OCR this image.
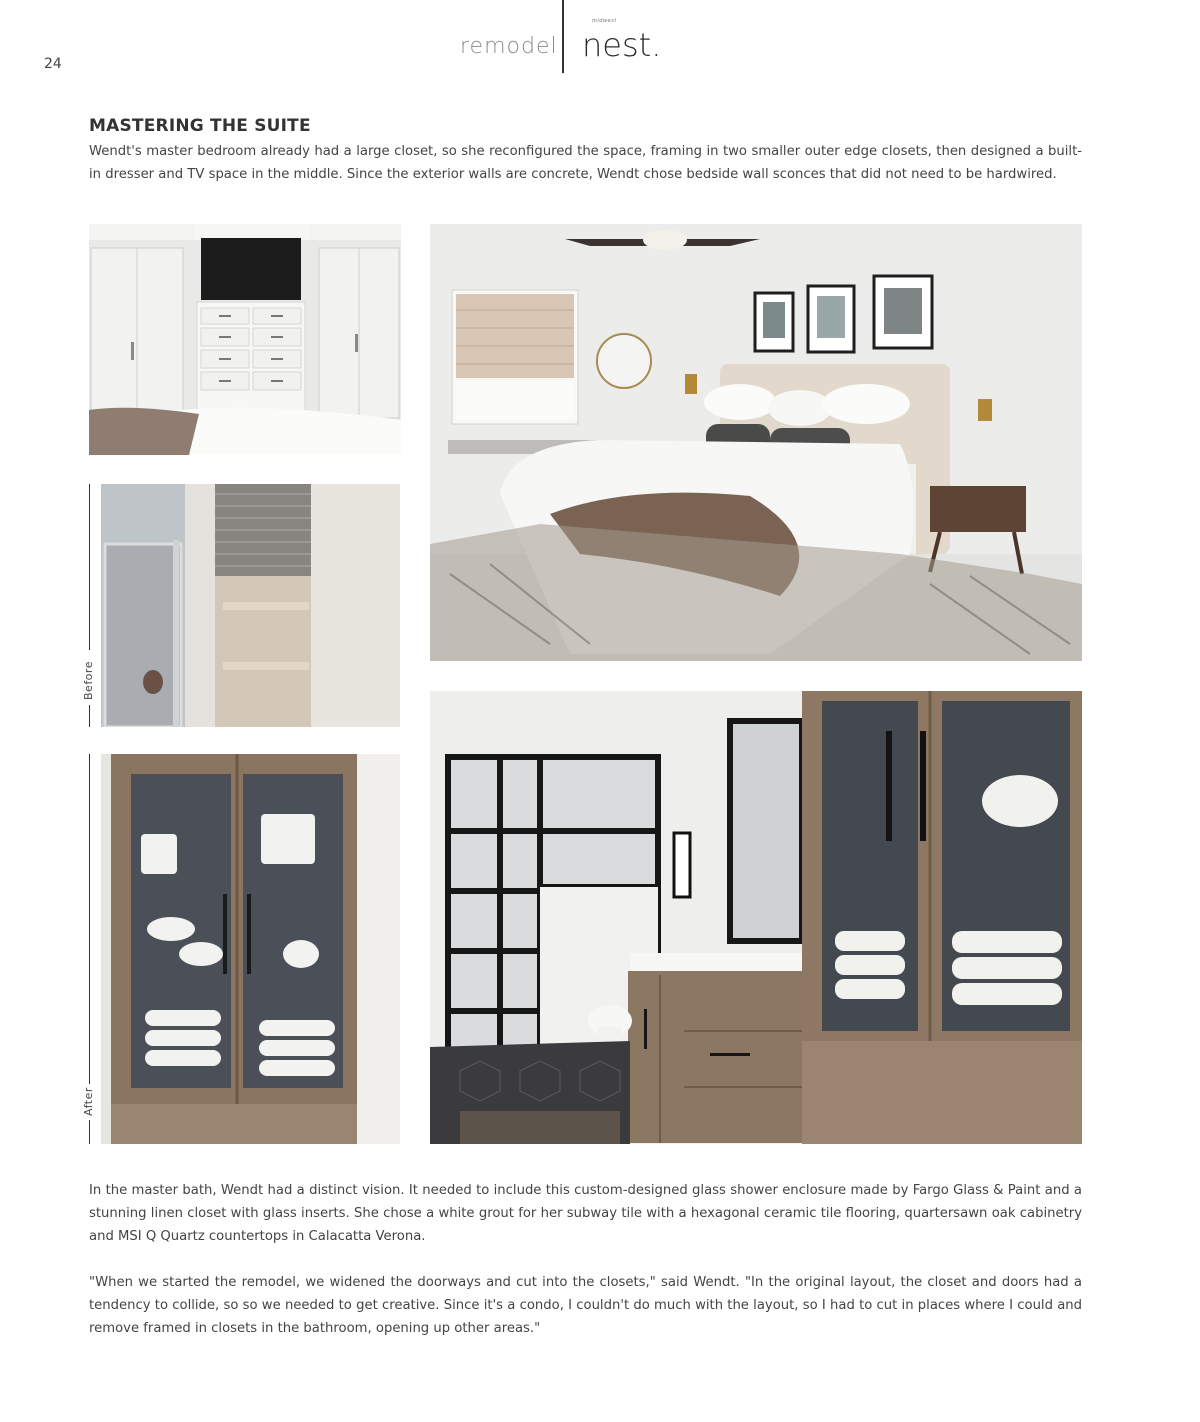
24
remodel
midwest
nest.
MASTERING THE SUITE

Wendt's master bedroom already had a large closet, so she reconfigured the space, framing in two smaller outer edge closets, then designed a built-in dresser and TV space in the middle. Since the exterior walls are concrete, Wendt chose bedside wall sconces that did not need to be hardwired.

Before
After

In the master bath, Wendt had a distinct vision. It needed to include this custom-designed glass shower enclosure made by Fargo Glass & Paint and a stunning linen closet with glass inserts. She chose a white grout for her subway tile with a hexagonal ceramic tile flooring, quartersawn oak cabinetry and MSI Q Quartz countertops in Calacatta Verona.

"When we started the remodel, we widened the doorways and cut into the closets," said Wendt. "In the original layout, the closet and doors had a tendency to collide, so so we needed to get creative. Since it's a condo, I couldn't do much with the layout, so I had to cut in places where I could and remove framed in closets in the bathroom, opening up other areas."
